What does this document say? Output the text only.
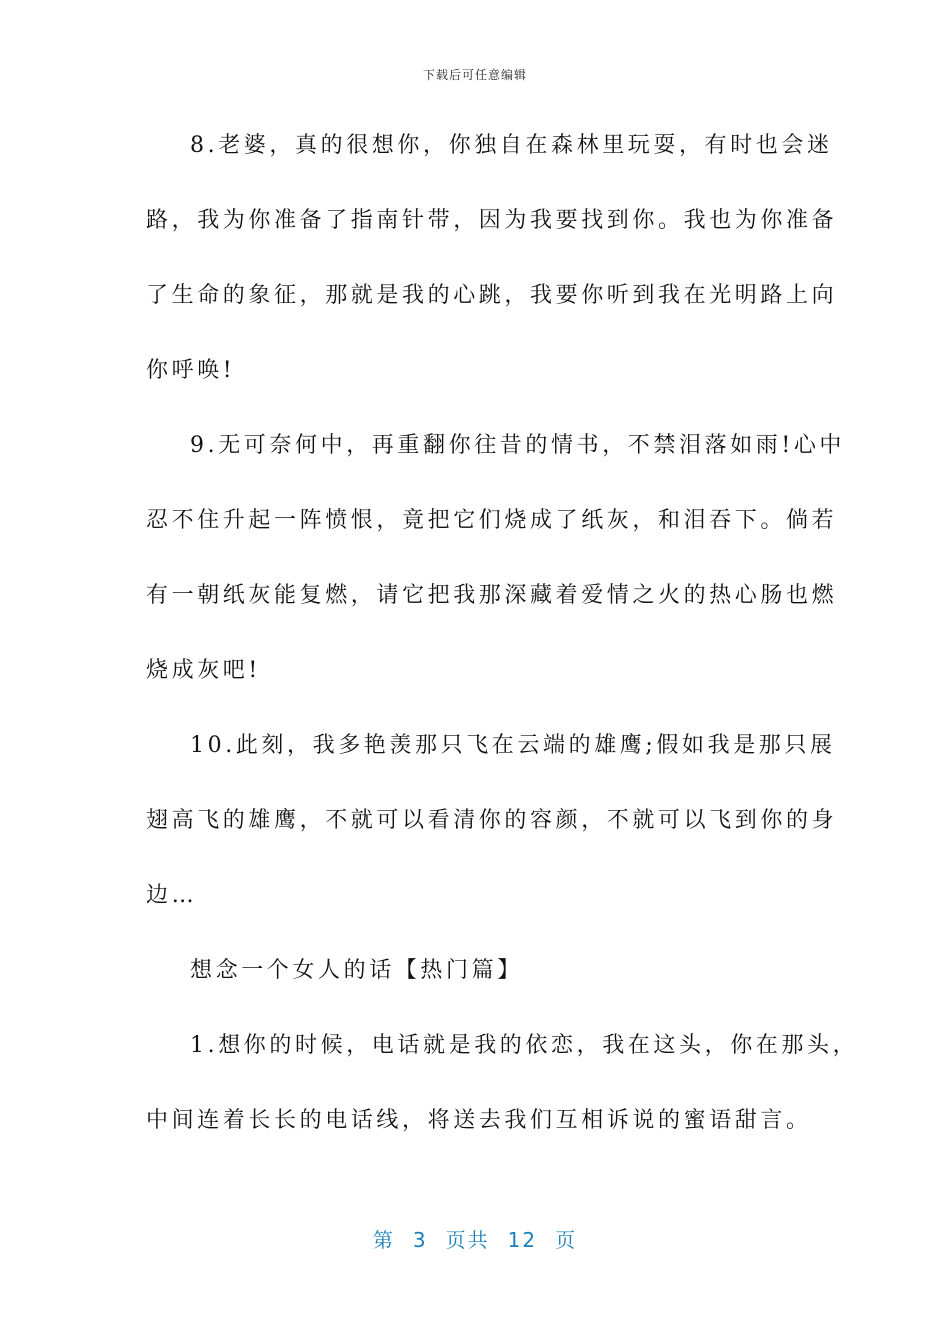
下载后可任意编辑
8.老婆，真的很想你，你独自在森林里玩耍，有时也会迷
路，我为你准备了指南针带，因为我要找到你。我也为你准备
了生命的象征，那就是我的心跳，我要你听到我在光明路上向
你呼唤!
9.无可奈何中，再重翻你往昔的情书，不禁泪落如雨!心中
忍不住升起一阵愤恨，竟把它们烧成了纸灰，和泪吞下。倘若
有一朝纸灰能复燃，请它把我那深藏着爱情之火的热心肠也燃
烧成灰吧!
10.此刻，我多艳羡那只飞在云端的雄鹰;假如我是那只展
翅高飞的雄鹰，不就可以看清你的容颜，不就可以飞到你的身
边…
想念一个女人的话【热门篇】
1.想你的时候，电话就是我的依恋，我在这头，你在那头，
中间连着长长的电话线，将送去我们互相诉说的蜜语甜言。
第 3 页共 12 页
